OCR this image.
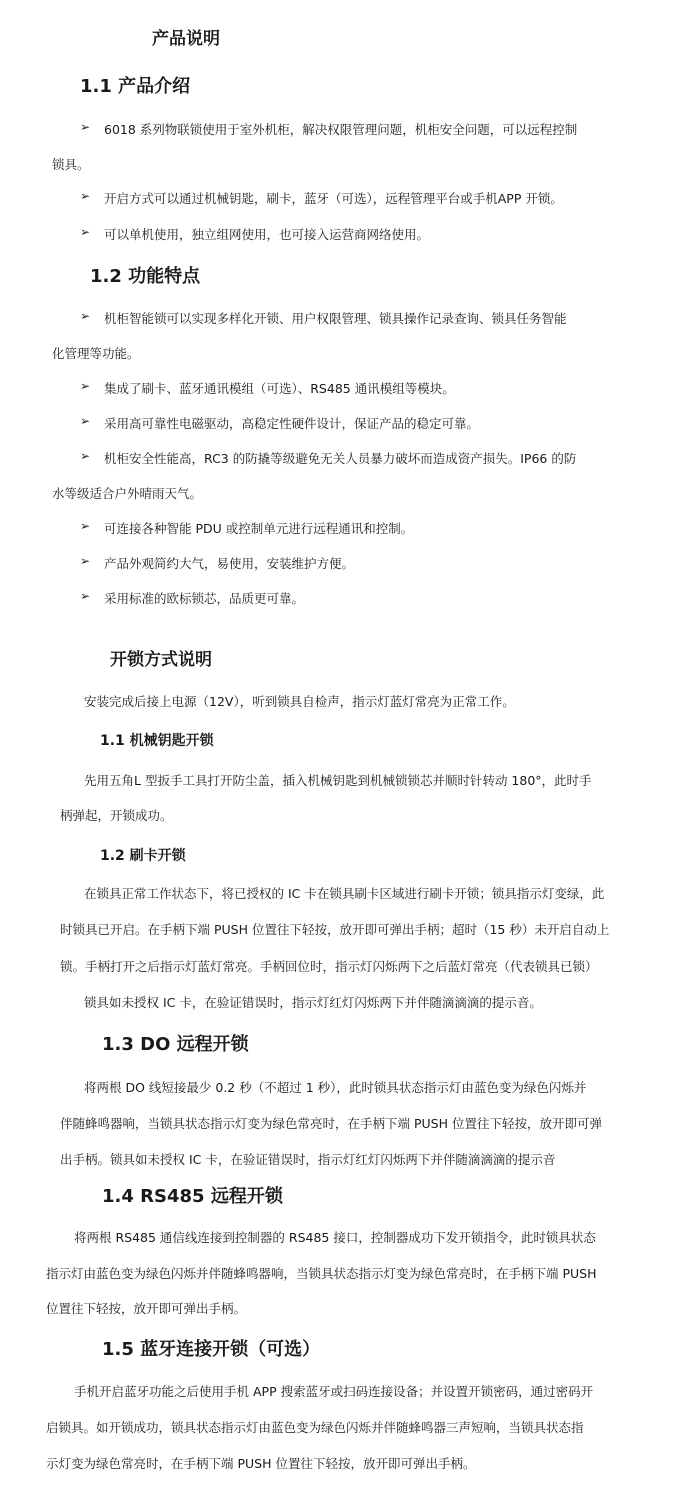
产品说明
1.1 产品介绍
➢ 6018 系列物联锁使用于室外机柜，解决权限管理问题，机柜安全问题，可以远程控制
锁具。
➢ 开启方式可以通过机械钥匙，刷卡，蓝牙（可选），远程管理平台或手机APP 开锁。
➢ 可以单机使用，独立组网使用，也可接入运营商网络使用。
1.2 功能特点
➢ 机柜智能锁可以实现多样化开锁、用户权限管理、锁具操作记录查询、锁具任务智能
化管理等功能。
➢ 集成了刷卡、蓝牙通讯模组（可选）、RS485 通讯模组等模块。
➢ 采用高可靠性电磁驱动，高稳定性硬件设计，保证产品的稳定可靠。
➢ 机柜安全性能高，RC3 的防撬等级避免无关人员暴力破坏而造成资产损失。IP66 的防
水等级适合户外晴雨天气。
➢ 可连接各种智能 PDU 或控制单元进行远程通讯和控制。
➢ 产品外观简约大气，易使用，安装维护方便。
➢ 采用标准的欧标锁芯，品质更可靠。
开锁方式说明
安装完成后接上电源（12V），听到锁具自检声，指示灯蓝灯常亮为正常工作。
1.1 机械钥匙开锁
先用五角L 型扳手工具打开防尘盖，插入机械钥匙到机械锁锁芯并顺时针转动 180°，此时手
柄弹起，开锁成功。
1.2 刷卡开锁
在锁具正常工作状态下，将已授权的 IC 卡在锁具刷卡区域进行刷卡开锁；锁具指示灯变绿，此
时锁具已开启。在手柄下端 PUSH 位置往下轻按，放开即可弹出手柄；超时（15 秒）未开启自动上
锁。手柄打开之后指示灯蓝灯常亮。手柄回位时，指示灯闪烁两下之后蓝灯常亮（代表锁具已锁）
锁具如未授权 IC 卡，在验证错误时，指示灯红灯闪烁两下并伴随滴滴滴的提示音。
1.3 DO 远程开锁
将两根 DO 线短接最少 0.2 秒（不超过 1 秒），此时锁具状态指示灯由蓝色变为绿色闪烁并
伴随蜂鸣器响，当锁具状态指示灯变为绿色常亮时，在手柄下端 PUSH 位置往下轻按，放开即可弹
出手柄。锁具如未授权 IC 卡，在验证错误时，指示灯红灯闪烁两下并伴随滴滴滴的提示音
1.4 RS485 远程开锁
将两根 RS485 通信线连接到控制器的 RS485 接口，控制器成功下发开锁指令，此时锁具状态
指示灯由蓝色变为绿色闪烁并伴随蜂鸣器响，当锁具状态指示灯变为绿色常亮时，在手柄下端 PUSH
位置往下轻按，放开即可弹出手柄。
1.5 蓝牙连接开锁（可选）
手机开启蓝牙功能之后使用手机 APP 搜索蓝牙或扫码连接设备；并设置开锁密码，通过密码开
启锁具。如开锁成功，锁具状态指示灯由蓝色变为绿色闪烁并伴随蜂鸣器三声短响，当锁具状态指
示灯变为绿色常亮时，在手柄下端 PUSH 位置往下轻按，放开即可弹出手柄。
